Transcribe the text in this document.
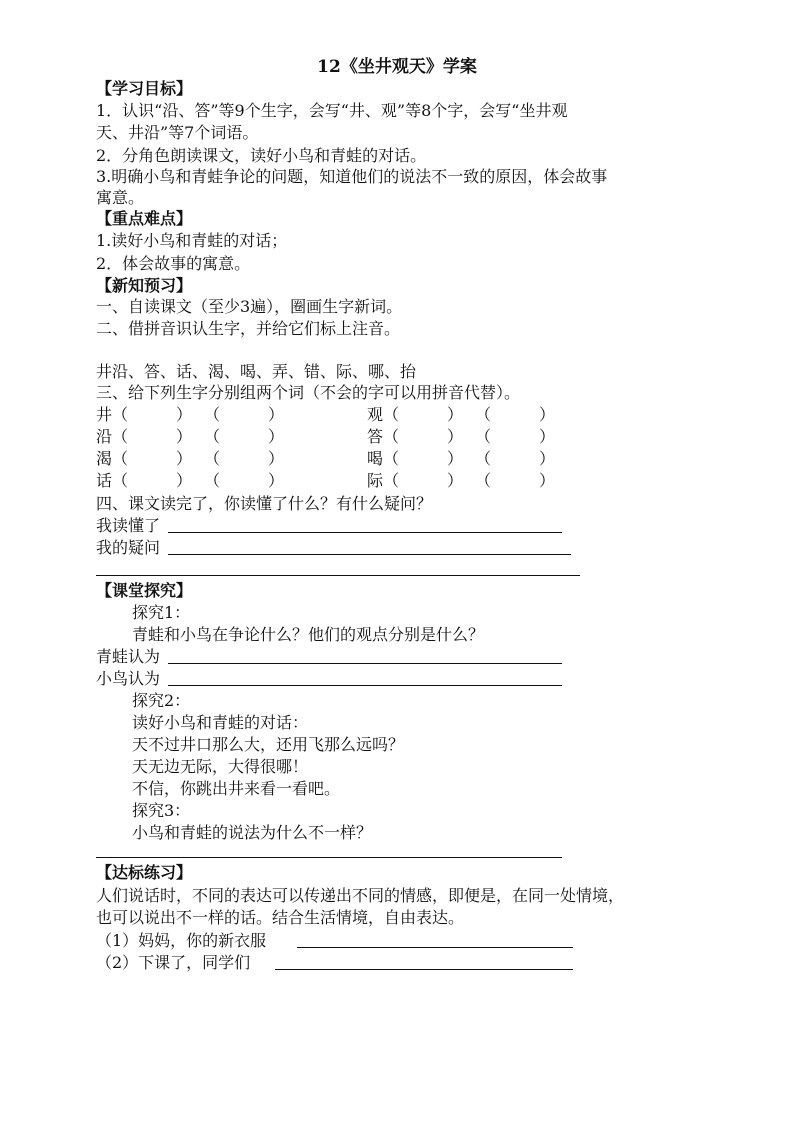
12《坐井观天》学案
【学习目标】
1．认识“沿、答”等9个生字，会写“井、观”等8个字，会写“坐井观
天、井沿”等7个词语。
2．分角色朗读课文，读好小鸟和青蛙的对话。
3.明确小鸟和青蛙争论的问题，知道他们的说法不一致的原因，体会故事
寓意。
【重点难点】
1.读好小鸟和青蛙的对话；
2．体会故事的寓意。
【新知预习】
一、自读课文（至少3遍），圈画生字新词。
二、借拼音识认生字，并给它们标上注音。
井沿、答、话、渴、喝、弄、错、际、哪、抬
三、给下列生字分别组两个词（不会的字可以用拼音代替）。
井 （　　　） （　　　）	观 （　　　） （　　　）
沿 （　　　） （　　　）	答 （　　　） （　　　）
渴 （　　　） （　　　）	喝 （　　　） （　　　）
话 （　　　） （　　　）	际 （　　　） （　　　）
四、课文读完了，你读懂了什么？有什么疑问？
我读懂了
我的疑问
【课堂探究】
探究1：
青蛙和小鸟在争论什么？他们的观点分别是什么？
青蛙认为
小鸟认为
探究2：
读好小鸟和青蛙的对话：
天不过井口那么大，还用飞那么远吗？
天无边无际，大得很哪！
不信，你跳出井来看一看吧。
探究3：
小鸟和青蛙的说法为什么不一样？
【达标练习】
人们说话时，不同的表达可以传递出不同的情感，即便是，在同一处情境，
也可以说出不一样的话。结合生活情境，自由表达。
（1）妈妈，你的新衣服
（2）下课了，同学们
